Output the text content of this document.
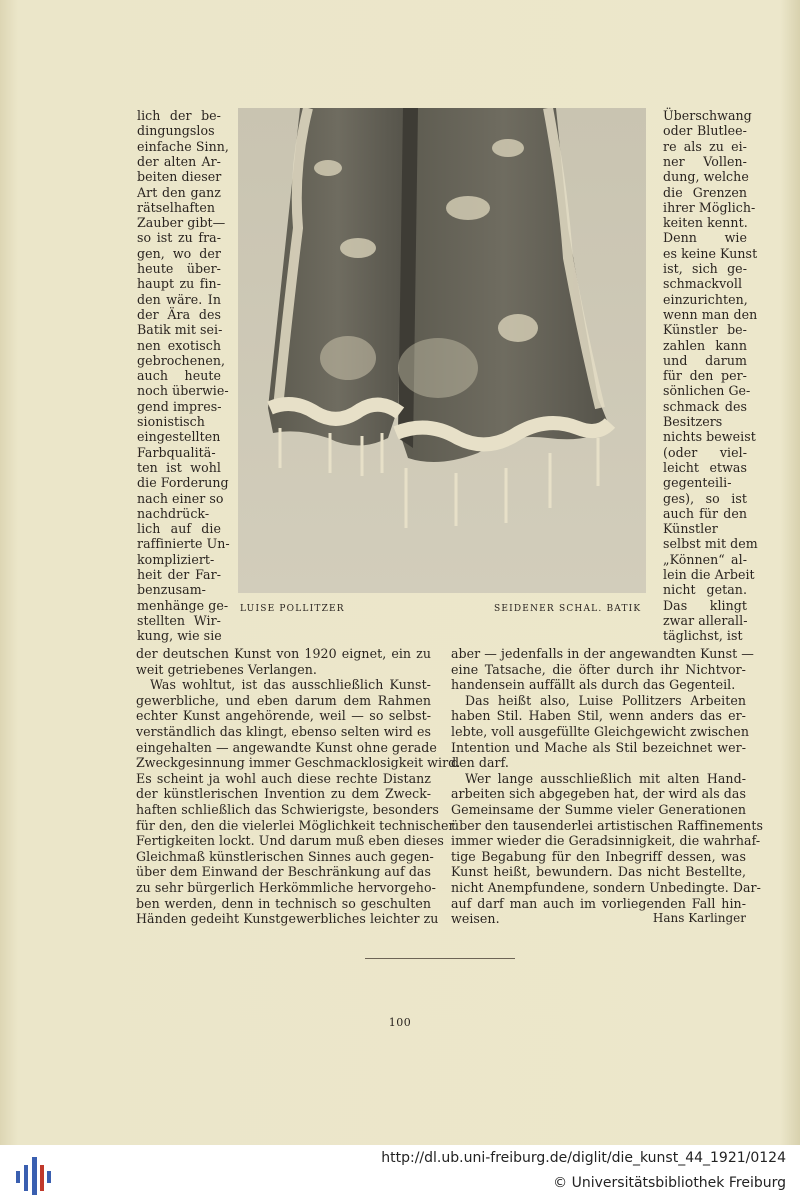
lich der be-
dingungslos
einfache Sinn,
der alten Ar-
beiten dieser
Art den ganz
rätselhaften
Zauber gibt—
so ist zu fra-
gen, wo der
heute über-
haupt zu fin-
den wäre. In
der Ära des
Batik mit sei-
nen exotisch
gebrochenen,
auch heute
noch überwie-
gend impres-
sionistisch
eingestellten
Farbqualitä-
ten ist wohl
die Forderung
nach einer so
nachdrück-
lich auf die
raffinierte Un-
kompliziert-
heit der Far-
benzusam-
menhänge ge-
stellten Wir-
kung, wie sie
Überschwang
oder Blutlee-
re als zu ei-
ner Vollen-
dung, welche
die Grenzen
ihrer Möglich-
keiten kennt.
Denn wie
es keine Kunst
ist, sich ge-
schmackvoll
einzurichten,
wenn man den
Künstler be-
zahlen kann
und darum
für den per-
sönlichen Ge-
schmack des
Besitzers
nichts beweist
(oder viel-
leicht etwas
gegenteili-
ges), so ist
auch für den
Künstler
selbst mit dem
„Können“ al-
lein die Arbeit
nicht getan.
Das klingt
zwar allerall-
täglichst, ist
LUISE POLLITZER	SEIDENER SCHAL. BATIK
der deutschen Kunst von 1920 eignet, ein zu
weit getriebenes Verlangen.
Was wohltut, ist das ausschließlich Kunst-
gewerbliche, und eben darum dem Rahmen
echter Kunst angehörende, weil — so selbst-
verständlich das klingt, ebenso selten wird es
eingehalten — angewandte Kunst ohne gerade
Zweckgesinnung immer Geschmacklosigkeit wird.
Es scheint ja wohl auch diese rechte Distanz
der künstlerischen Invention zu dem Zweck-
haften schließlich das Schwierigste, besonders
für den, den die vielerlei Möglichkeit technischer
Fertigkeiten lockt. Und darum muß eben dieses
Gleichmaß künstlerischen Sinnes auch gegen-
über dem Einwand der Beschränkung auf das
zu sehr bürgerlich Herkömmliche hervorgeho-
ben werden, denn in technisch so geschulten
Händen gedeiht Kunstgewerbliches leichter zu
aber — jedenfalls in der angewandten Kunst —
eine Tatsache, die öfter durch ihr Nichtvor-
handensein auffällt als durch das Gegenteil.
Das heißt also, Luise Pollitzers Arbeiten
haben Stil. Haben Stil, wenn anders das er-
lebte, voll ausgefüllte Gleichgewicht zwischen
Intention und Mache als Stil bezeichnet wer-
den darf.
Wer lange ausschließlich mit alten Hand-
arbeiten sich abgegeben hat, der wird als das
Gemeinsame der Summe vieler Generationen
über den tausenderlei artistischen Raffinements
immer wieder die Geradsinnigkeit, die wahrhaf-
tige Begabung für den Inbegriff dessen, was
Kunst heißt, bewundern. Das nicht Bestellte,
nicht Anempfundene, sondern Unbedingte. Dar-
auf darf man auch im vorliegenden Fall hin-
weisen.	Hans Karlinger
100
http://dl.ub.uni-freiburg.de/diglit/die_kunst_44_1921/0124
© Universitätsbibliothek Freiburg
